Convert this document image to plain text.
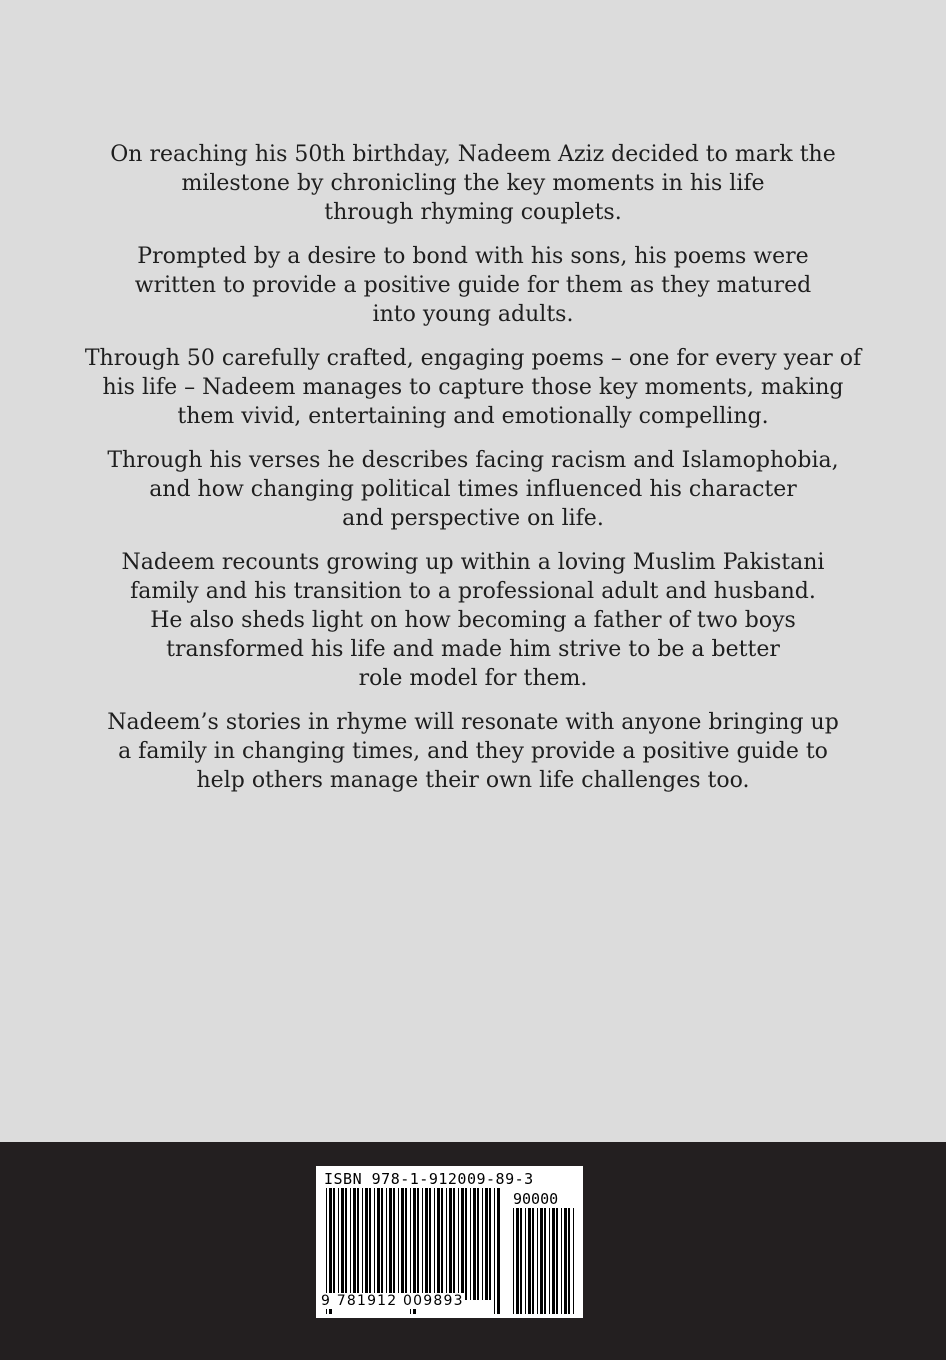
On reaching his 50th birthday, Nadeem Aziz decided to mark the
milestone by chronicling the key moments in his life
through rhyming couplets.
Prompted by a desire to bond with his sons, his poems were
written to provide a positive guide for them as they matured
into young adults.
Through 50 carefully crafted, engaging poems – one for every year of
his life – Nadeem manages to capture those key moments, making
them vivid, entertaining and emotionally compelling.
Through his verses he describes facing racism and Islamophobia,
and how changing political times influenced his character
and perspective on life.
Nadeem recounts growing up within a loving Muslim Pakistani
family and his transition to a professional adult and husband.
He also sheds light on how becoming a father of two boys
transformed his life and made him strive to be a better
role model for them.
Nadeem’s stories in rhyme will resonate with anyone bringing up
a family in changing times, and they provide a positive guide to
help others manage their own life challenges too.
ISBN 978-1-912009-89-3
90000
9 781912 009893
